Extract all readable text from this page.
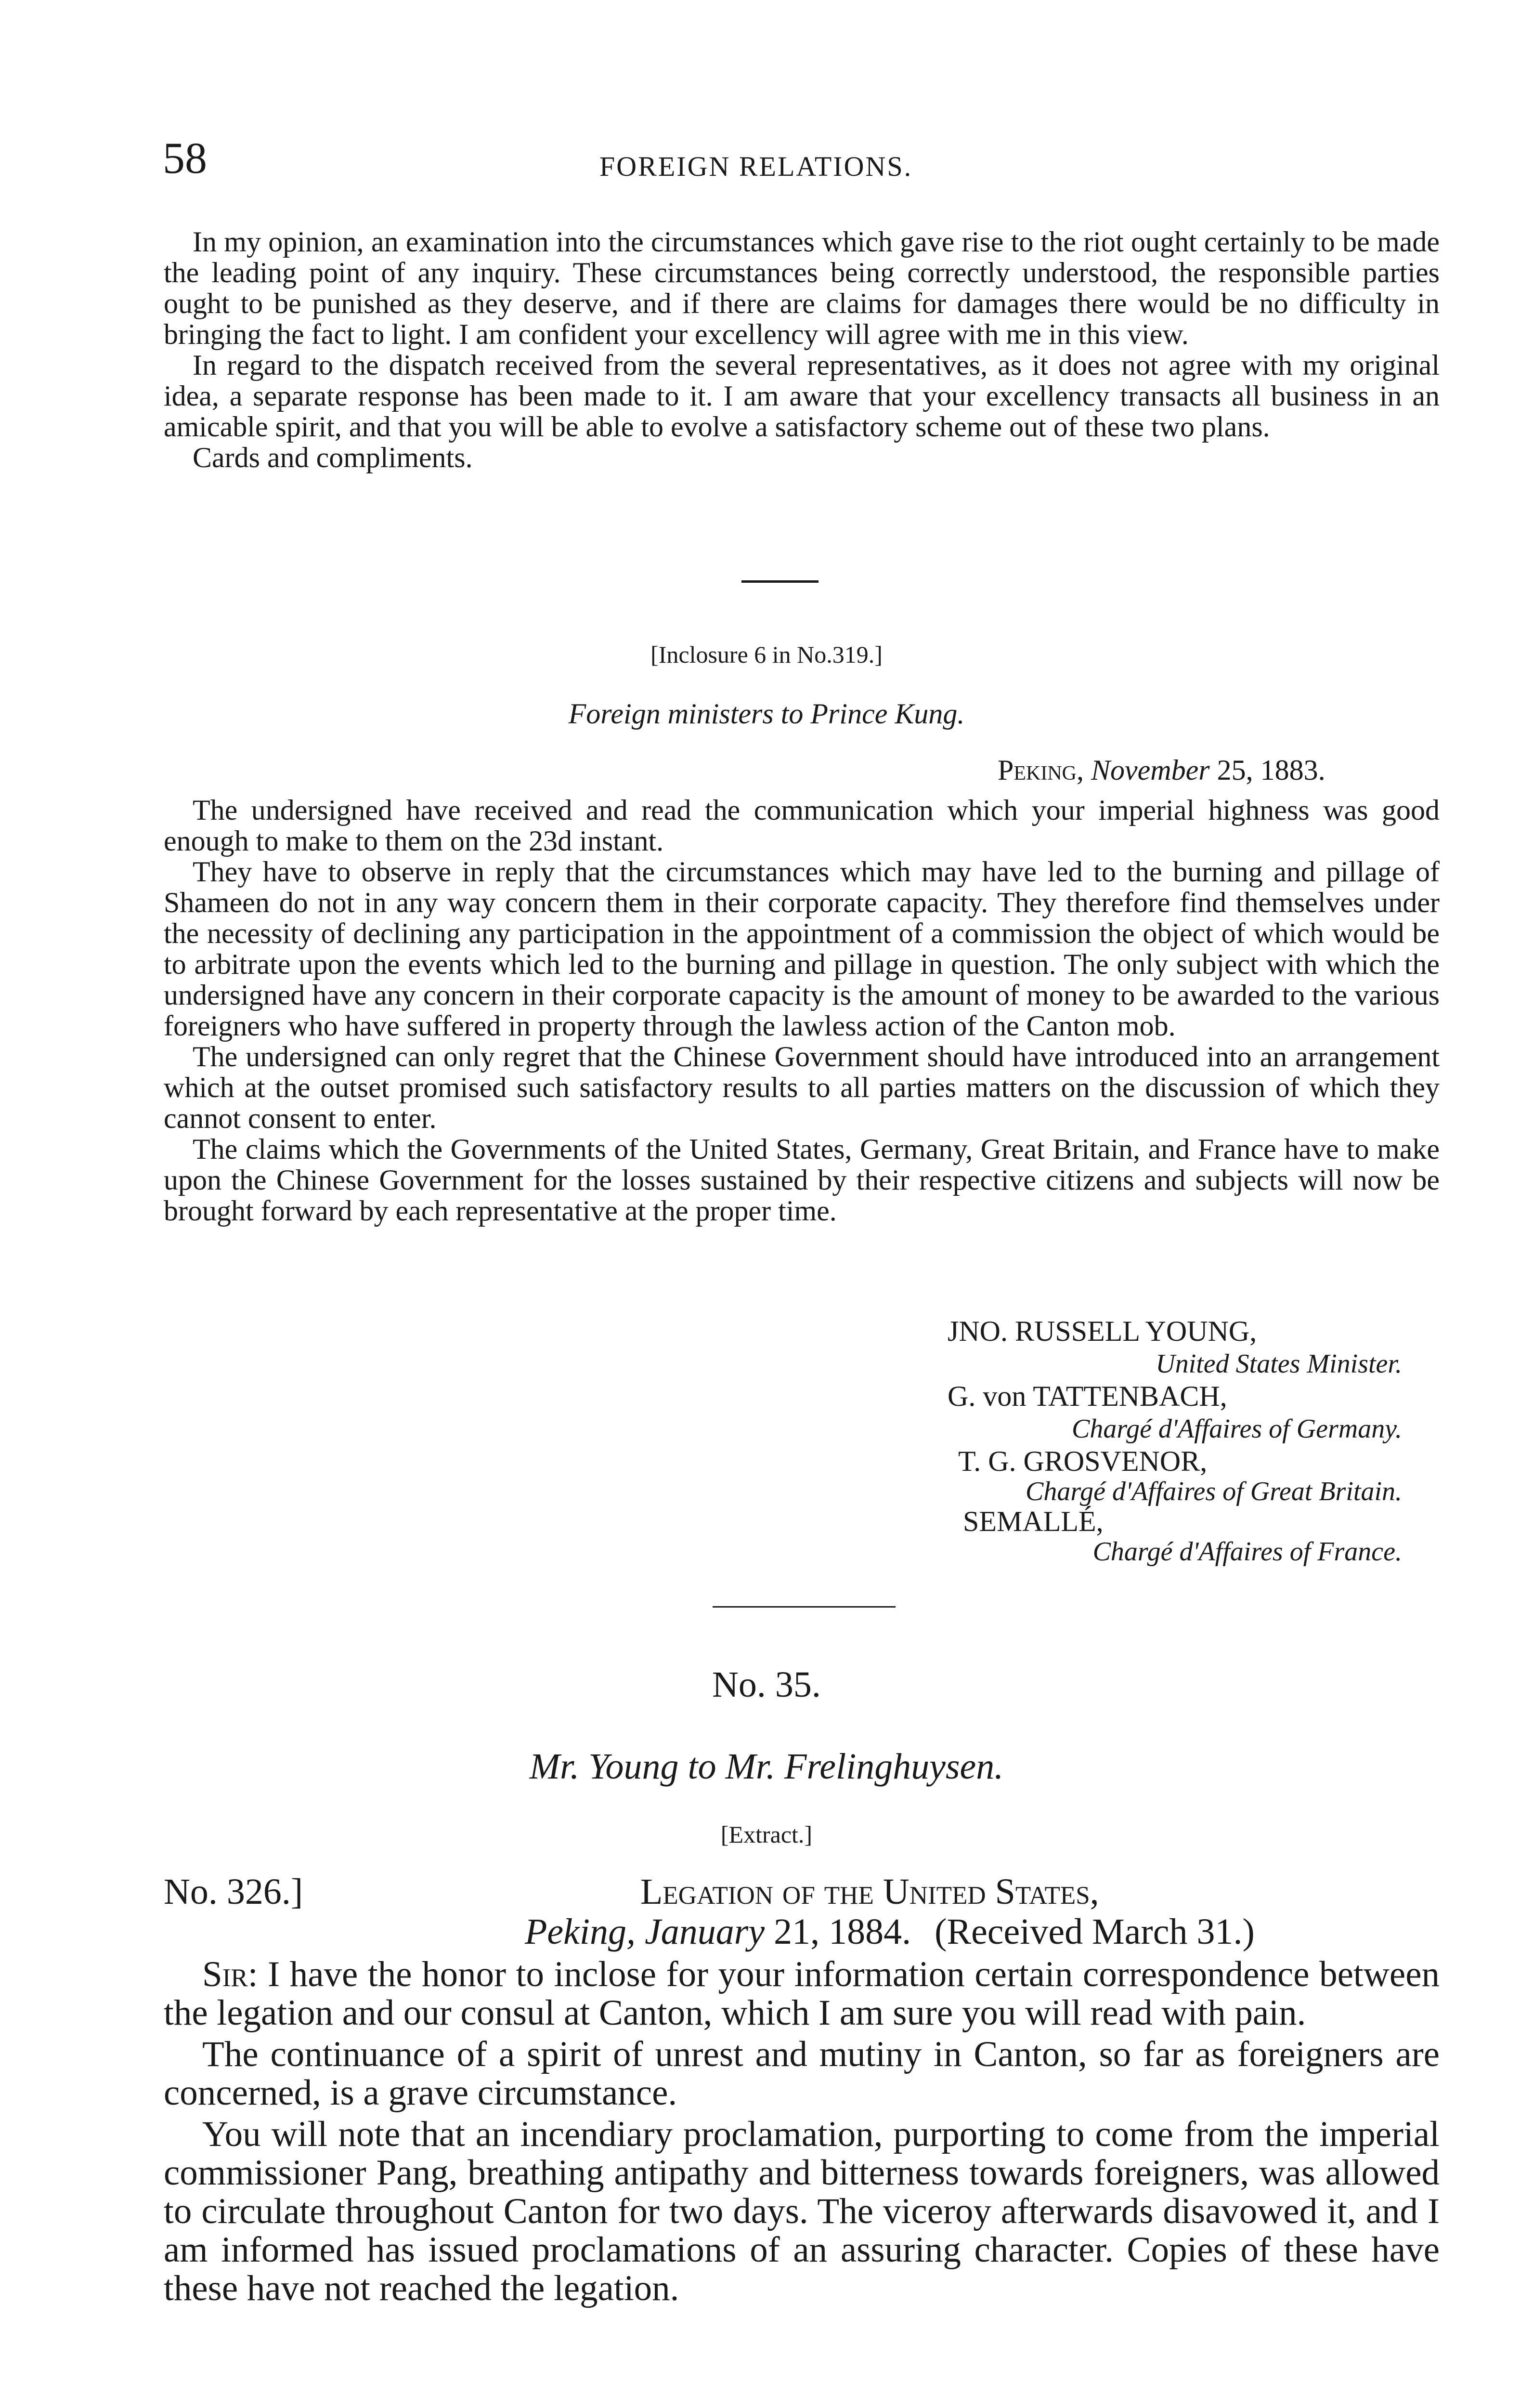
58	FOREIGN RELATIONS.

In my opinion, an examination into the circumstances which gave rise to the riot ought certainly to be made the leading point of any inquiry. These circumstances being correctly understood, the responsible parties ought to be punished as they deserve, and if there are claims for damages there would be no difficulty in bringing the fact to light. I am confident your excellency will agree with me in this view.

In regard to the dispatch received from the several representatives, as it does not agree with my original idea, a separate response has been made to it. I am aware that your excellency transacts all business in an amicable spirit, and that you will be able to evolve a satisfactory scheme out of these two plans.

Cards and compliments.

[Inclosure 6 in No.319.]
Foreign ministers to Prince Kung.
Peking, November 25, 1883.

The undersigned have received and read the communication which your imperial highness was good enough to make to them on the 23d instant.

They have to observe in reply that the circumstances which may have led to the burning and pillage of Shameen do not in any way concern them in their corporate capacity. They therefore find themselves under the necessity of declining any participation in the appointment of a commission the object of which would be to arbitrate upon the events which led to the burning and pillage in question. The only subject with which the undersigned have any concern in their corporate capacity is the amount of money to be awarded to the various foreigners who have suffered in property through the lawless action of the Canton mob.

The undersigned can only regret that the Chinese Government should have introduced into an arrangement which at the outset promised such satisfactory results to all parties matters on the discussion of which they cannot consent to enter.

The claims which the Governments of the United States, Germany, Great Britain, and France have to make upon the Chinese Government for the losses sustained by their respective citizens and subjects will now be brought forward by each representative at the proper time.

JNO. RUSSELL YOUNG,
United States Minister.
G. von TATTENBACH,
Chargé d'Affaires of Germany.
T. G. GROSVENOR,
Chargé d'Affaires of Great Britain.
SEMALLÉ,
Chargé d'Affaires of France.
No. 35.
Mr. Young to Mr. Frelinghuysen.
[Extract.]
No. 326.]	Legation of the United States,
Peking, January 21, 1884. (Received March 31.)

Sir: I have the honor to inclose for your information certain correspondence between the legation and our consul at Canton, which I am sure you will read with pain.

The continuance of a spirit of unrest and mutiny in Canton, so far as foreigners are concerned, is a grave circumstance.

You will note that an incendiary proclamation, purporting to come from the imperial commissioner Pang, breathing antipathy and bitterness towards foreigners, was allowed to circulate throughout Canton for two days. The viceroy afterwards disavowed it, and I am informed has issued proclamations of an assuring character. Copies of these have these have not reached the legation.
